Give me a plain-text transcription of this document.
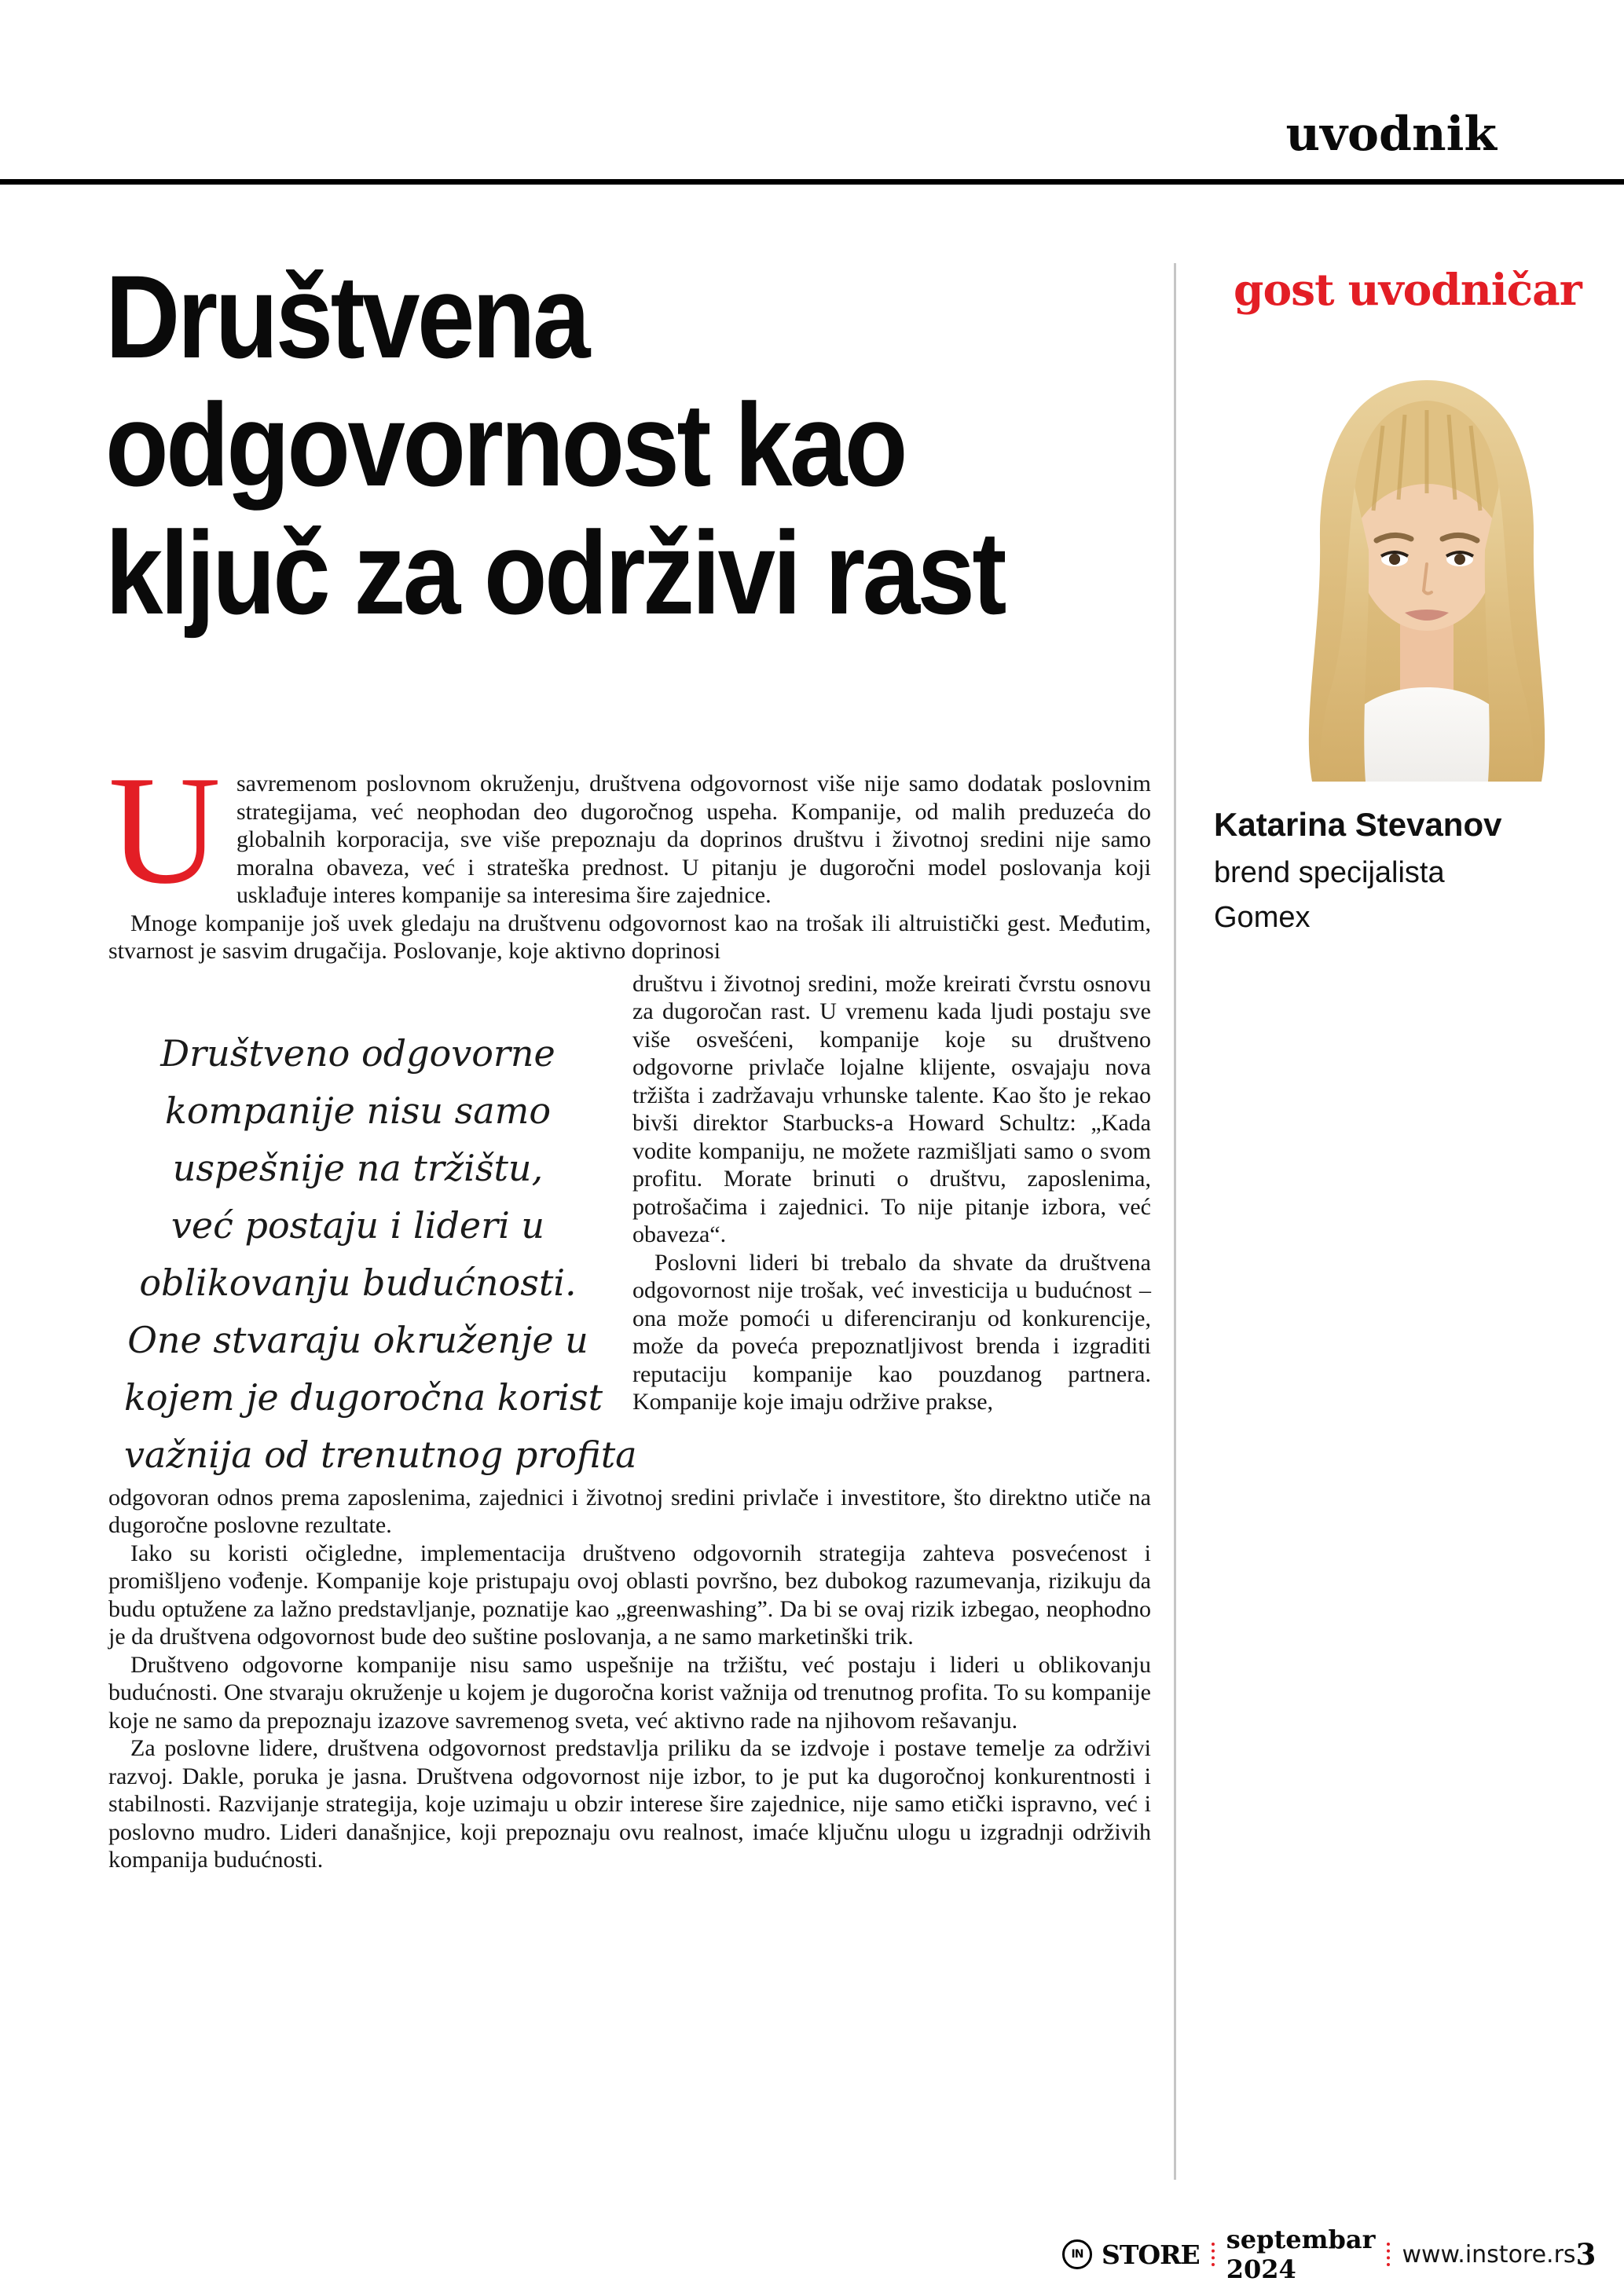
uvodnik
Društvena
odgovornost kao
ključ za održivi rast
gost uvodničar
Katarina Stevanov
brend specijalista
Gomex

Usavremenom poslovnom okruženju, društvena odgovornost više nije samo dodatak poslovnim strategijama, već neophodan deo dugoročnog uspeha. Kompanije, od malih preduzeća do globalnih korporacija, sve više prepoznaju da doprinos društvu i životnoj sredini nije samo moralna obaveza, već i strateška prednost. U pitanju je dugoročni model poslovanja koji usklađuje interes kompanije sa interesima šire zajednice.

Mnoge kompanije još uvek gledaju na društvenu odgovornost kao na trošak ili altruistički gest. Međutim, stvarnost je sasvim drugačija. Poslovanje, koje aktivno doprinosi

Društveno odgovorne
kompanije nisu samo
uspešnije na tržištu,
već postaju i lideri u
oblikovanju budućnosti.
One stvaraju okruženje u
kojem je dugoročna korist
važnija od trenutnog profita

društvu i životnoj sredini, može kreirati čvrstu osnovu za dugoročan rast. U vremenu kada ljudi postaju sve više osvešćeni, kompanije koje su društveno odgovorne privlače lojalne klijente, osvajaju nova tržišta i zadržavaju vrhunske talente. Kao što je rekao bivši direktor Starbucks-a Howard Schultz: „Kada vodite kompaniju, ne možete razmišljati samo o svom profitu. Morate brinuti o društvu, zaposlenima, potrošačima i zajednici. To nije pitanje izbora, već obaveza“.

Poslovni lideri bi trebalo da shvate da društvena odgovornost nije trošak, već investicija u budućnost – ona može pomoći u diferenciranju od konkurencije, može da poveća prepoznatljivost brenda i izgraditi reputaciju kompanije kao pouzdanog partnera. Kompanije koje imaju održive prakse,

odgovoran odnos prema zaposlenima, zajednici i životnoj sredini privlače i investitore, što direktno utiče na dugoročne poslovne rezultate.

Iako su koristi očigledne, implementacija društveno odgovornih strategija zahteva posvećenost i promišljeno vođenje. Kompanije koje pristupaju ovoj oblasti površno, bez dubokog razumevanja, rizikuju da budu optužene za lažno predstavljanje, poznatije kao „greenwashing”. Da bi se ovaj rizik izbegao, neophodno je da društvena odgovornost bude deo suštine poslovanja, a ne samo marketinški trik.

Društveno odgovorne kompanije nisu samo uspešnije na tržištu, već postaju i lideri u oblikovanju budućnosti. One stvaraju okruženje u kojem je dugoročna korist važnija od trenutnog profita. To su kompanije koje ne samo da prepoznaju izazove savremenog sveta, već aktivno rade na njihovom rešavanju.

Za poslovne lidere, društvena odgovornost predstavlja priliku da se izdvoje i postave temelje za održivi razvoj. Dakle, poruka je jasna. Društvena odgovornost nije izbor, to je put ka dugoročnoj konkurentnosti i stabilnosti. Razvijanje strategija, koje uzimaju u obzir interese šire zajednice, nije samo etički ispravno, već i poslovno mudro. Lideri današnjice, koji prepoznaju ovu realnost, imaće ključnu ulogu u izgradnji održivih kompanija budućnosti.

IN STORE septembar 2024	www.instore.rs 3
